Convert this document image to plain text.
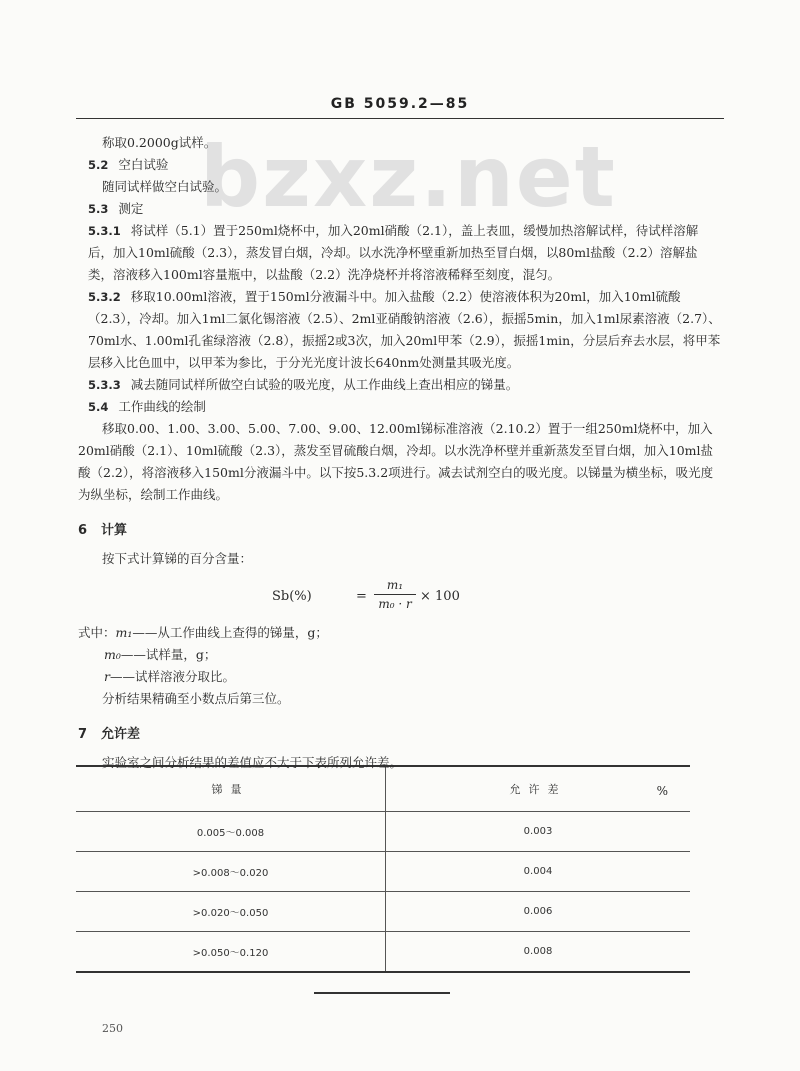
GB 5059.2—85
bzxz.net

称取0.2000g试样。

5.2 空白试验

随同试样做空白试验。

5.3 测定

5.3.1 将试样（5.1）置于250ml烧杯中，加入20ml硝酸（2.1），盖上表皿，缓慢加热溶解试样，待试样溶解后，加入10ml硫酸（2.3），蒸发冒白烟，冷却。以水洗净杯壁重新加热至冒白烟，以80ml盐酸（2.2）溶解盐类，溶液移入100ml容量瓶中，以盐酸（2.2）洗净烧杯并将溶液稀释至刻度，混匀。

5.3.2 移取10.00ml溶液，置于150ml分液漏斗中。加入盐酸（2.2）使溶液体积为20ml，加入10ml硫酸（2.3），冷却。加入1ml二氯化锡溶液（2.5）、2ml亚硝酸钠溶液（2.6），振摇5min，加入1ml尿素溶液（2.7）、70ml水、1.00ml孔雀绿溶液（2.8），振摇2或3次，加入20ml甲苯（2.9），振摇1min，分层后弃去水层，将甲苯层移入比色皿中，以甲苯为参比，于分光光度计波长640nm处测量其吸光度。

5.3.3 减去随同试样所做空白试验的吸光度，从工作曲线上查出相应的锑量。

5.4 工作曲线的绘制

移取0.00、1.00、3.00、5.00、7.00、9.00、12.00ml锑标准溶液（2.10.2）置于一组250ml烧杯中，加入20ml硝酸（2.1）、10ml硫酸（2.3），蒸发至冒硫酸白烟，冷却。以水洗净杯壁并重新蒸发至冒白烟，加入10ml盐酸（2.2），将溶液移入150ml分液漏斗中。以下按5.3.2项进行。减去试剂空白的吸光度。以锑量为横坐标，吸光度为纵坐标，绘制工作曲线。

6 计算

按下式计算锑的百分含量：

Sb(%)	= $\frac{\text{m₁}}{\text{m₀ · r}} \times 100$

式中：m₁——从工作曲线上查得的锑量，g；

m₀——试样量，g；

r——试样溶液分取比。

分析结果精确至小数点后第三位。

7 允许差

实验室之间分析结果的差值应不大于下表所列允许差。

%

锑量	允许差
0.005～0.008	0.003
>0.008～0.020	0.004
>0.020～0.050	0.006
>0.050～0.120	0.008
250
